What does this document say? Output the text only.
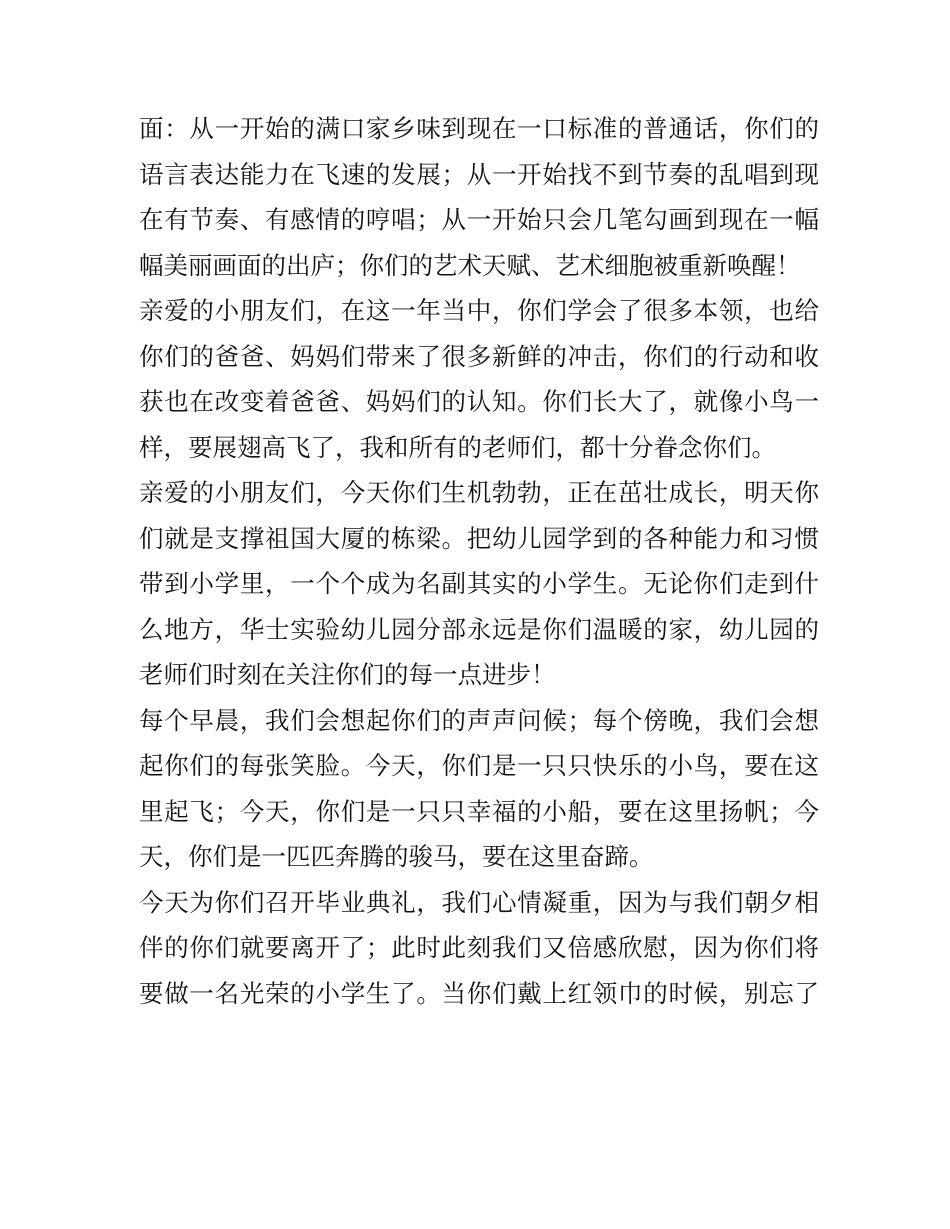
面：从一开始的满口家乡味到现在一口标准的普通话，你们的
语言表达能力在飞速的发展；从一开始找不到节奏的乱唱到现
在有节奏、有感情的哼唱；从一开始只会几笔勾画到现在一幅
幅美丽画面的出庐；你们的艺术天赋、艺术细胞被重新唤醒！
亲爱的小朋友们，在这一年当中，你们学会了很多本领，也给
你们的爸爸、妈妈们带来了很多新鲜的冲击，你们的行动和收
获也在改变着爸爸、妈妈们的认知。你们长大了，就像小鸟一
样，要展翅高飞了，我和所有的老师们，都十分眷念你们。
亲爱的小朋友们，今天你们生机勃勃，正在茁壮成长，明天你
们就是支撑祖国大厦的栋梁。把幼儿园学到的各种能力和习惯
带到小学里，一个个成为名副其实的小学生。无论你们走到什
么地方，华士实验幼儿园分部永远是你们温暖的家，幼儿园的
老师们时刻在关注你们的每一点进步！
每个早晨，我们会想起你们的声声问候；每个傍晚，我们会想
起你们的每张笑脸。今天，你们是一只只快乐的小鸟，要在这
里起飞；今天，你们是一只只幸福的小船，要在这里扬帆；今
天，你们是一匹匹奔腾的骏马，要在这里奋蹄。
今天为你们召开毕业典礼，我们心情凝重，因为与我们朝夕相
伴的你们就要离开了；此时此刻我们又倍感欣慰，因为你们将
要做一名光荣的小学生了。当你们戴上红领巾的时候，别忘了
